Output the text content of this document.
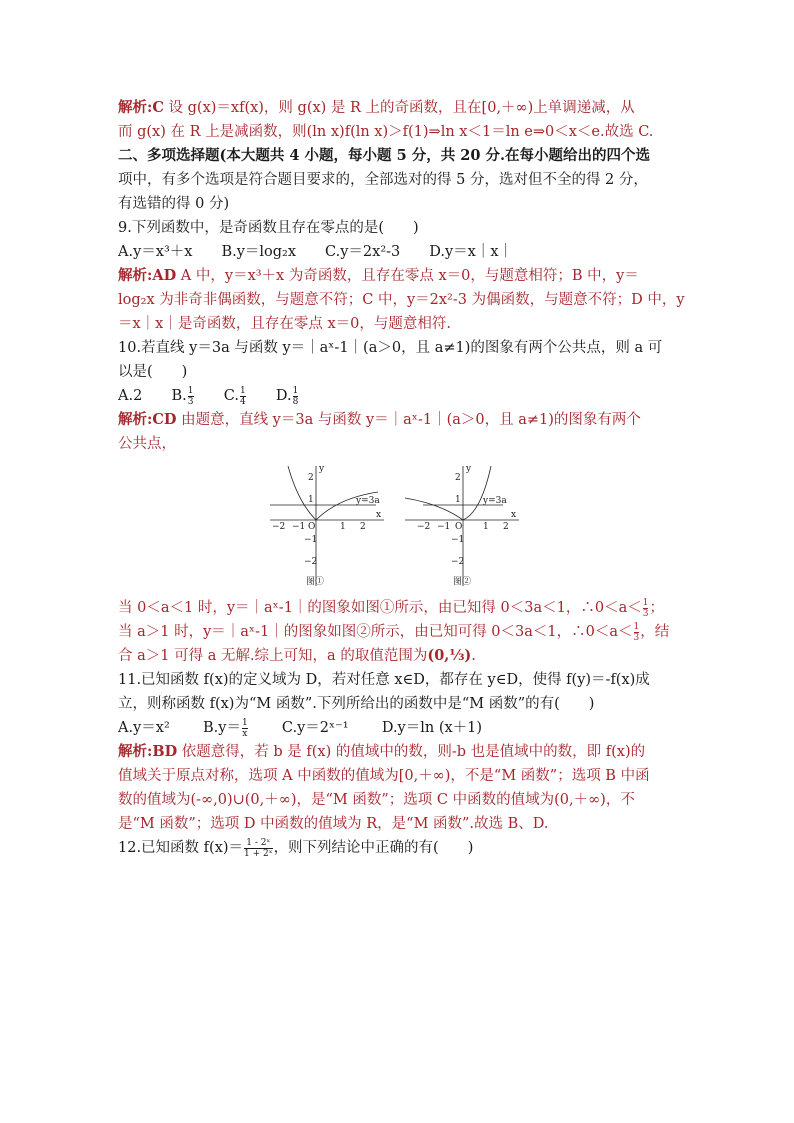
解析:C 设 g(x)＝xf(x)，则 g(x) 是 R 上的奇函数，且在[0,＋∞)上单调递减，从
而 g(x) 在 R 上是减函数，则(ln x)f(ln x)＞f(1)⇒ln x＜1＝ln e⇒0＜x＜e.故选 C.
二、多项选择题(本大题共 4 小题，每小题 5 分，共 20 分.在每小题给出的四个选
项中，有多个选项是符合题目要求的，全部选对的得 5 分，选对但不全的得 2 分，
有选错的得 0 分)
9.下列函数中，是奇函数且存在零点的是(　　)
A.y＝x³＋x　　B.y＝log₂x　　C.y＝2x²-3　　D.y＝x｜x｜
解析:AD A 中，y＝x³＋x 为奇函数，且存在零点 x＝0，与题意相符；B 中，y＝
log₂x 为非奇非偶函数，与题意不符；C 中，y＝2x²-3 为偶函数，与题意不符；D 中，y
＝x｜x｜是奇函数，且存在零点 x＝0，与题意相符.
10.若直线 y＝3a 与函数 y＝｜aˣ-1｜(a＞0，且 a≠1)的图象有两个公共点，则 a 可
以是(　　)
A.2 B. $\frac{1}{3} C$. $\frac{1}{4} D$. $\frac{1}{8}$
解析:CD 由题意，直线 y＝3a 与函数 y＝｜aˣ-1｜(a＞0，且 a≠1)的图象有两个
公共点，
y
x
O
y=3a
−2 −1	1 2
2
1
−1
−2
图①
y
x
O
y=3a
−2 −1	1 2
2
1
−1
−2
图②
当 0＜a＜1 时，y＝｜aˣ-1｜的图象如图①所示，由已知得 0＜3a＜1，∴0＜a＜ $\frac{1}{3}$ ；
当 a＞1 时，y＝｜aˣ-1｜的图象如图②所示，由已知可得 0＜3a＜1，∴0＜a＜ $\frac{1}{3}$ ，结
合 a＞1 可得 a 无解.综上可知，a 的取值范围为(0,⅓).
11.已知函数 f(x)的定义域为 D，若对任意 x∈D，都存在 y∈D，使得 f(y)＝-f(x)成
立，则称函数 f(x)为“M 函数”.下列所给出的函数中是“M 函数”的有(　　)
A.y＝x² $B.y= \frac{1}{x}$ C.y＝2ˣ⁻¹ D.y＝ln (x＋1)
解析:BD 依题意得，若 b 是 f(x) 的值域中的数，则-b 也是值域中的数，即 f(x)的
值域关于原点对称，选项 A 中函数的值域为[0,＋∞)，不是“M 函数”；选项 B 中函
数的值域为(-∞,0)∪(0,＋∞)，是“M 函数”；选项 C 中函数的值域为(0,＋∞)，不
是“M 函数”；选项 D 中函数的值域为 R，是“M 函数”.故选 B、D.
12.已知函数 $f(x)= \frac{\text{1 - 2ˣ}}{\text{1 + 2ˣ}}$ ，则下列结论中正确的有(　　)
